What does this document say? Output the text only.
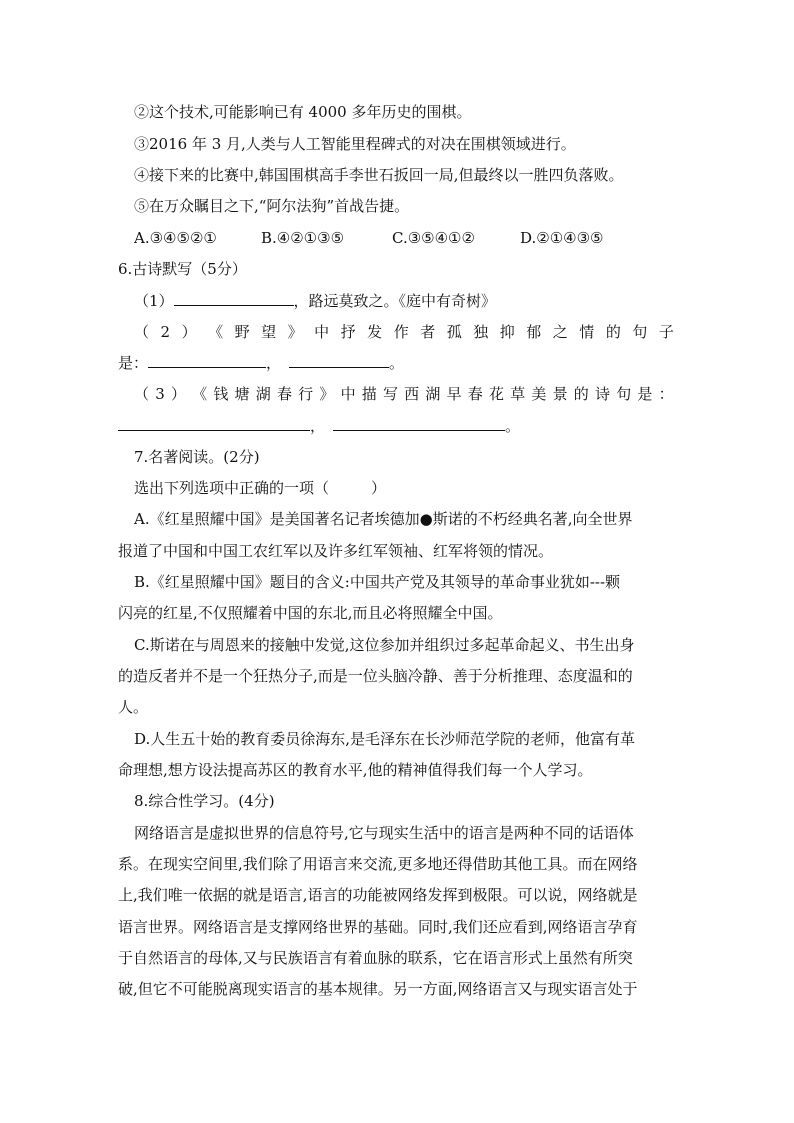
②这个技术,可能影响已有 4000 多年历史的围棋。
③2016 年 3 月,人类与人工智能里程碑式的对决在围棋领域进行。
④接下来的比赛中,韩国围棋高手李世石扳回一局,但最终以一胜四负落败。
⑤在万众瞩目之下,“阿尔法狗”首战告捷。
A.③④⑤②①	B.④②①③⑤	C.③⑤④①②	D.②①④③⑤
6.古诗默写（5分）
（1）	，路远莫致之。《庭中有奇树》
（ 2 ） 《 野 望 》 中 抒 发 作 者 孤 独 抑 郁 之 情 的 句 子
是：	，	。
（ 3 ） 《 钱 塘 湖 春 行 》 中 描 写 西 湖 早 春 花 草 美 景 的 诗 句 是 ：
，	。
7.名著阅读。(2分)
选出下列选项中正确的一项（	）
A.《红星照耀中国》是美国著名记者埃德加●斯诺的不朽经典名著,向全世界
报道了中国和中国工农红军以及许多红军领袖、红军将领的情况。
B.《红星照耀中国》题目的含义:中国共产党及其领导的革命事业犹如---颗
闪亮的红星,不仅照耀着中国的东北,而且必将照耀全中国。
C.斯诺在与周恩来的接触中发觉,这位参加并组织过多起革命起义、书生出身
的造反者并不是一个狂热分子,而是一位头脑冷静、善于分析推理、态度温和的
人。
D.人生五十始的教育委员徐海东,是毛泽东在长沙师范学院的老师，他富有革
命理想,想方设法提高苏区的教育水平,他的精神值得我们每一个人学习。
8.综合性学习。(4分)
网络语言是虚拟世界的信息符号,它与现实生活中的语言是两种不同的话语体
系。在现实空间里,我们除了用语言来交流,更多地还得借助其他工具。而在网络
上,我们唯一依据的就是语言,语言的功能被网络发挥到极限。可以说，网络就是
语言世界。网络语言是支撑网络世界的基础。同时,我们还应看到,网络语言孕育
于自然语言的母体,又与民族语言有着血脉的联系，它在语言形式上虽然有所突
破,但它不可能脱离现实语言的基本规律。另一方面,网络语言又与现实语言处于
